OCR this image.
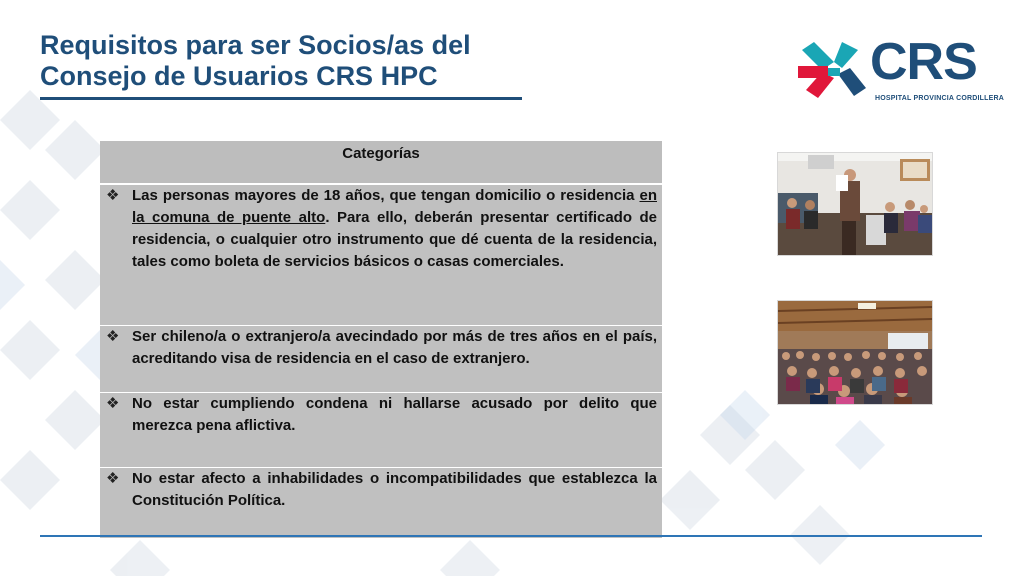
Requisitos para ser Socios/as del
Consejo de Usuarios CRS HPC	CRS
HOSPITAL PROVINCIA CORDILLERA
Categorías

❖ Las personas mayores de 18 años, que tengan domicilio o residencia en la comuna de puente alto. Para ello, deberán presentar certificado de residencia, o cualquier otro instrumento que dé cuenta de la residencia, tales como boleta de servicios básicos o casas comerciales.

❖ Ser chileno/a o extranjero/a avecindado por más de tres años en el país, acreditando visa de residencia en el caso de extranjero.

❖ No estar cumpliendo condena ni hallarse acusado por delito que merezca pena aflictiva.

❖ No estar afecto a inhabilidades o incompatibilidades que establezca la Constitución Política.
